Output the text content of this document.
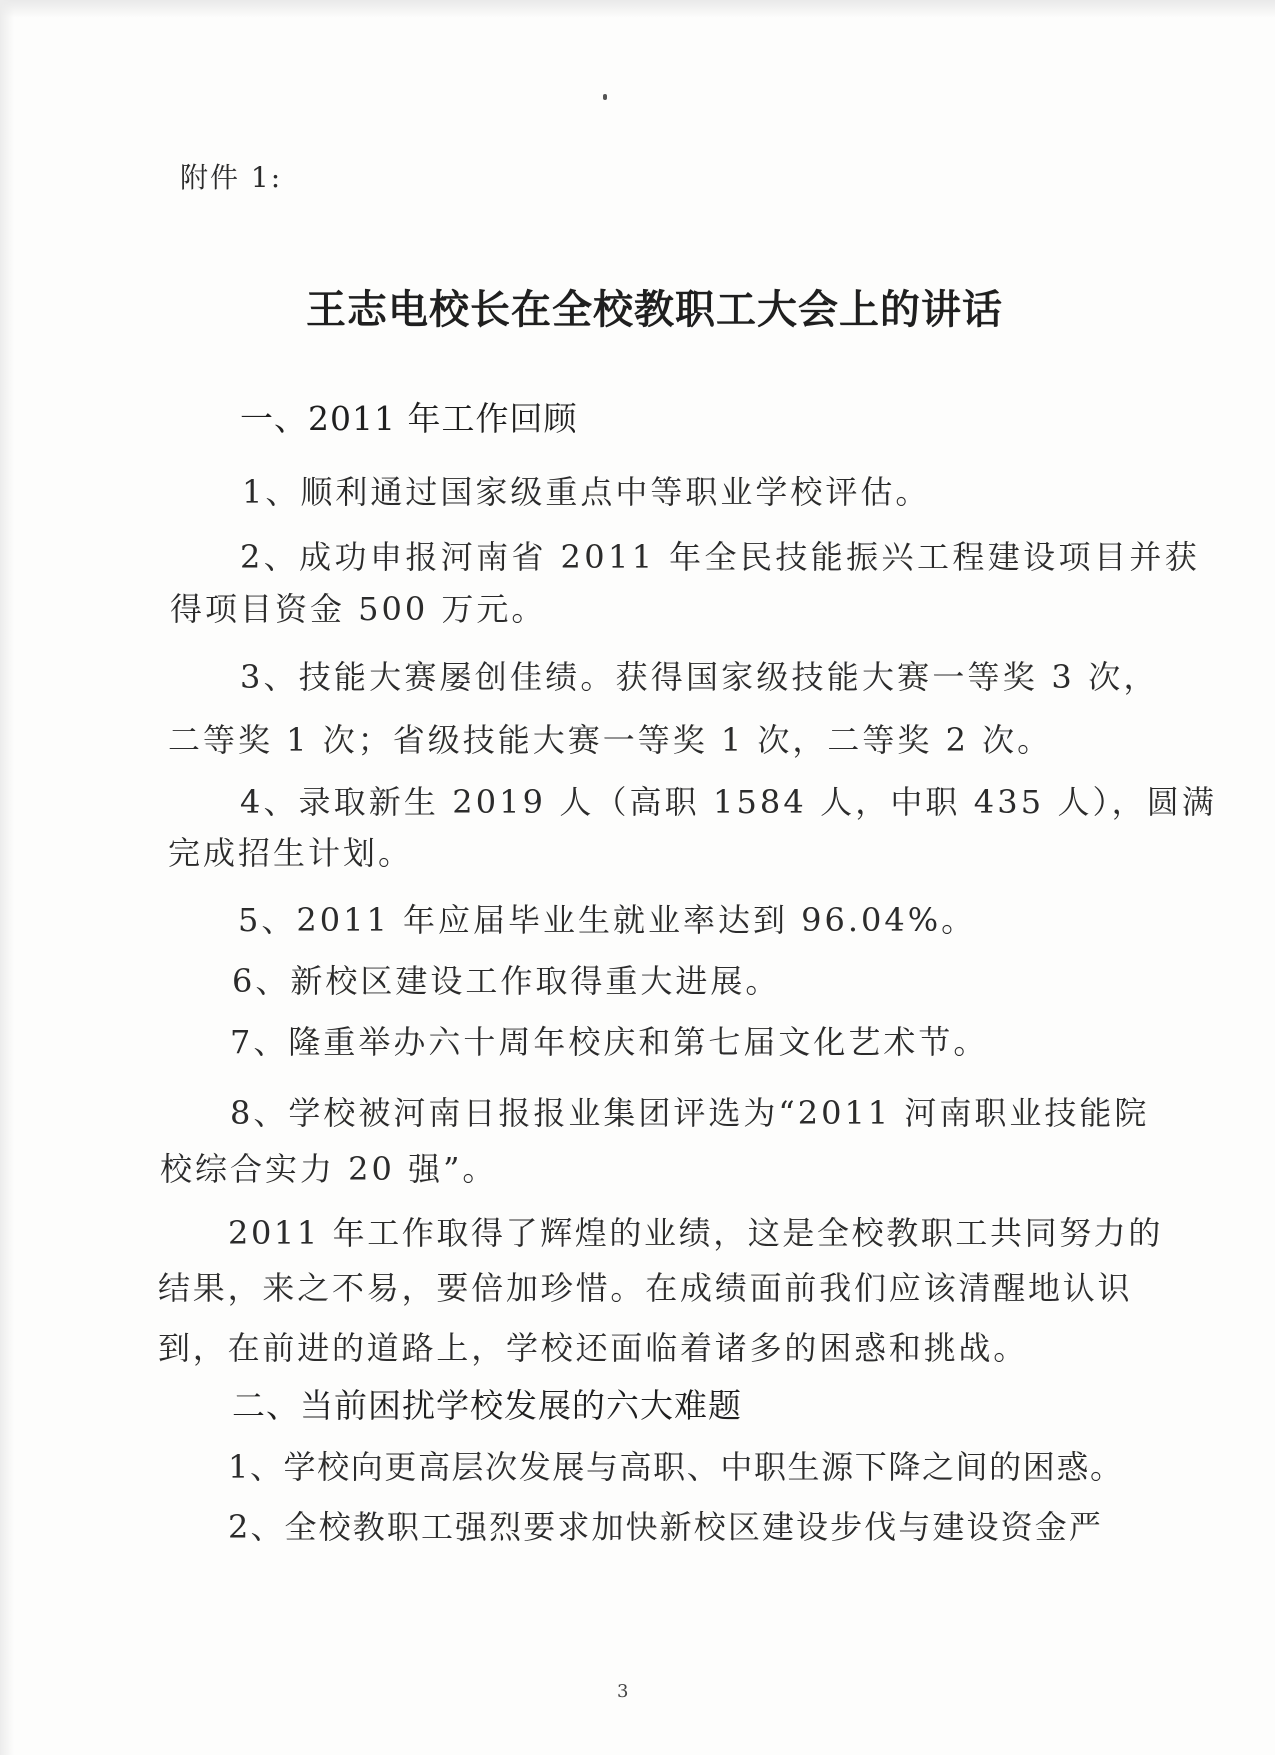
附件 1:
王志电校长在全校教职工大会上的讲话
一、2011 年工作回顾
1、顺利通过国家级重点中等职业学校评估。
2、成功申报河南省 2011 年全民技能振兴工程建设项目并获
得项目资金 500 万元。
3、技能大赛屡创佳绩。获得国家级技能大赛一等奖 3 次，
二等奖 1 次；省级技能大赛一等奖 1 次，二等奖 2 次。
4、录取新生 2019 人（高职 1584 人，中职 435 人），圆满
完成招生计划。
5、2011 年应届毕业生就业率达到 96.04%。
6、新校区建设工作取得重大进展。
7、隆重举办六十周年校庆和第七届文化艺术节。
8、学校被河南日报报业集团评选为“2011 河南职业技能院
校综合实力 20 强”。
2011 年工作取得了辉煌的业绩，这是全校教职工共同努力的
结果，来之不易，要倍加珍惜。在成绩面前我们应该清醒地认识
到，在前进的道路上，学校还面临着诸多的困惑和挑战。
二、当前困扰学校发展的六大难题
1、学校向更高层次发展与高职、中职生源下降之间的困惑。
2、全校教职工强烈要求加快新校区建设步伐与建设资金严
3
